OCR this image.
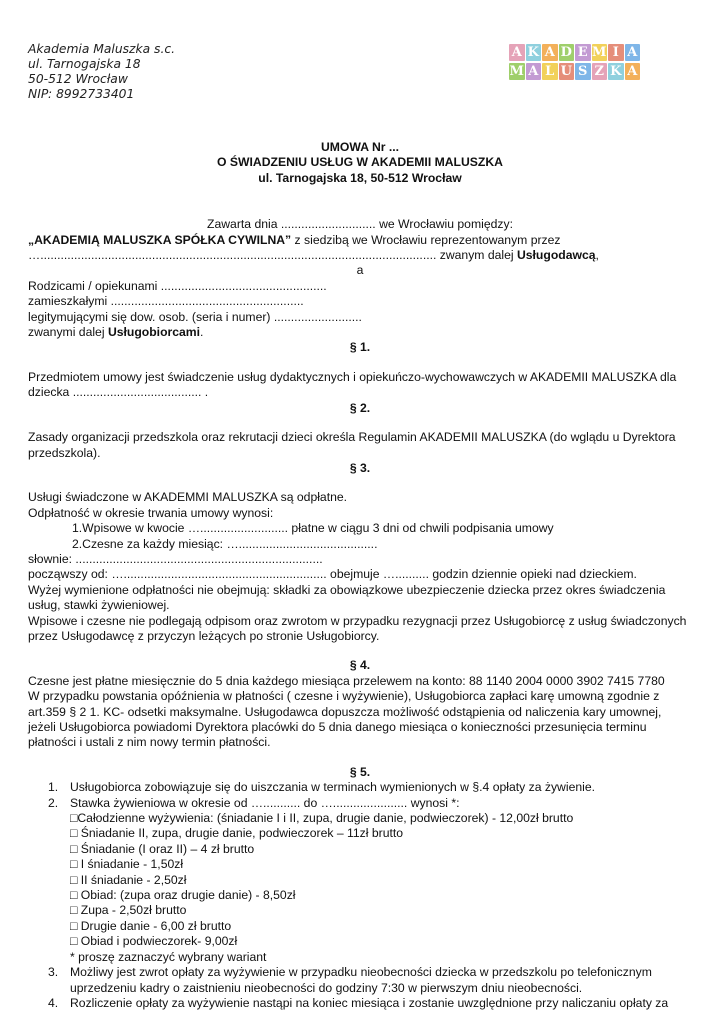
Akademia Maluszka s.c.
ul. Tarnogajska 18
50-512 Wrocław
NIP: 8992733401
A K A D E M I A
M A L U S Z K A
UMOWA Nr ...
O ŚWIADZENIU USŁUG W AKADEMII MALUSZKA
ul. Tarnogajska 18, 50-512 Wrocław
Zawarta dnia ............................ we Wrocławiu pomiędzy:
„AKADEMIĄ MALUSZKA SPÓŁKA CYWILNA” z siedzibą we Wrocławiu reprezentowanym przez
…..................................................................................................................... zwanym dalej Usługodawcą,
a
Rodzicami / opiekunami .................................................
zamieszkałymi .........................................................
legitymującymi się dow. osob. (seria i numer) ..........................
zwanymi dalej Usługobiorcami.
§ 1.
Przedmiotem umowy jest świadczenie usług dydaktycznych i opiekuńczo-wychowawczych w AKADEMII MALUSZKA dla dziecka ...................................... .
§ 2.
Zasady organizacji przedszkola oraz rekrutacji dzieci określa Regulamin AKADEMII MALUSZKA (do wglądu u Dyrektora przedszkola).
§ 3.
Usługi świadczone w AKADEMMI MALUSZKA są odpłatne.
Odpłatność w okresie trwania umowy wynosi:
1.Wpisowe w kwocie ….......................... płatne w ciągu 3 dni od chwili podpisania umowy
2.Czesne za każdy miesiąc: ….........................................
słownie: .........................................................................
począwszy od: …............................................................ obejmuje ….......... godzin dziennie opieki nad dzieckiem.
Wyżej wymienione odpłatności nie obejmują: składki za obowiązkowe ubezpieczenie dziecka przez okres świadczenia usług, stawki żywieniowej.
Wpisowe i czesne nie podlegają odpisom oraz zwrotom w przypadku rezygnacji przez Usługobiorcę z usług świadczonych przez Usługodawcę z przyczyn leżących po stronie Usługobiorcy.
§ 4.
Czesne jest płatne miesięcznie do 5 dnia każdego miesiąca przelewem na konto: 88 1140 2004 0000 3902 7415 7780
W przypadku powstania opóźnienia w płatności ( czesne i wyżywienie), Usługobiorca zapłaci karę umowną zgodnie z art.359 § 2 1. KC- odsetki maksymalne. Usługodawca dopuszcza możliwość odstąpienia od naliczenia kary umownej, jeżeli Usługobiorca powiadomi Dyrektora placówki do 5 dnia danego miesiąca o konieczności przesunięcia terminu płatności i ustali z nim nowy termin płatności.
§ 5.
1. Usługobiorca zobowiązuje się do uiszczania w terminach wymienionych w §.4 opłaty za żywienie.
2. Stawka żywieniowa w okresie od …........... do …...................... wynosi *:
□Całodzienne wyżywienia: (śniadanie I i II, zupa, drugie danie, podwieczorek) - 12,00zł brutto
□ Śniadanie II, zupa, drugie danie, podwieczorek – 11zł brutto
□ Śniadanie (I oraz II) – 4 zł brutto
□ I śniadanie - 1,50zł
□ II śniadanie - 2,50zł
□ Obiad: (zupa oraz drugie danie) - 8,50zł
□ Zupa - 2,50zł brutto
□ Drugie danie - 6,00 zł brutto
□ Obiad i podwieczorek- 9,00zł
* proszę zaznaczyć wybrany wariant
3. Możliwy jest zwrot opłaty za wyżywienie w przypadku nieobecności dziecka w przedszkolu po telefonicznym uprzedzeniu kadry o zaistnieniu nieobecności do godziny 7:30 w pierwszym dniu nieobecności.
4. Rozliczenie opłaty za wyżywienie nastąpi na koniec miesiąca i zostanie uwzględnione przy naliczaniu opłaty za
